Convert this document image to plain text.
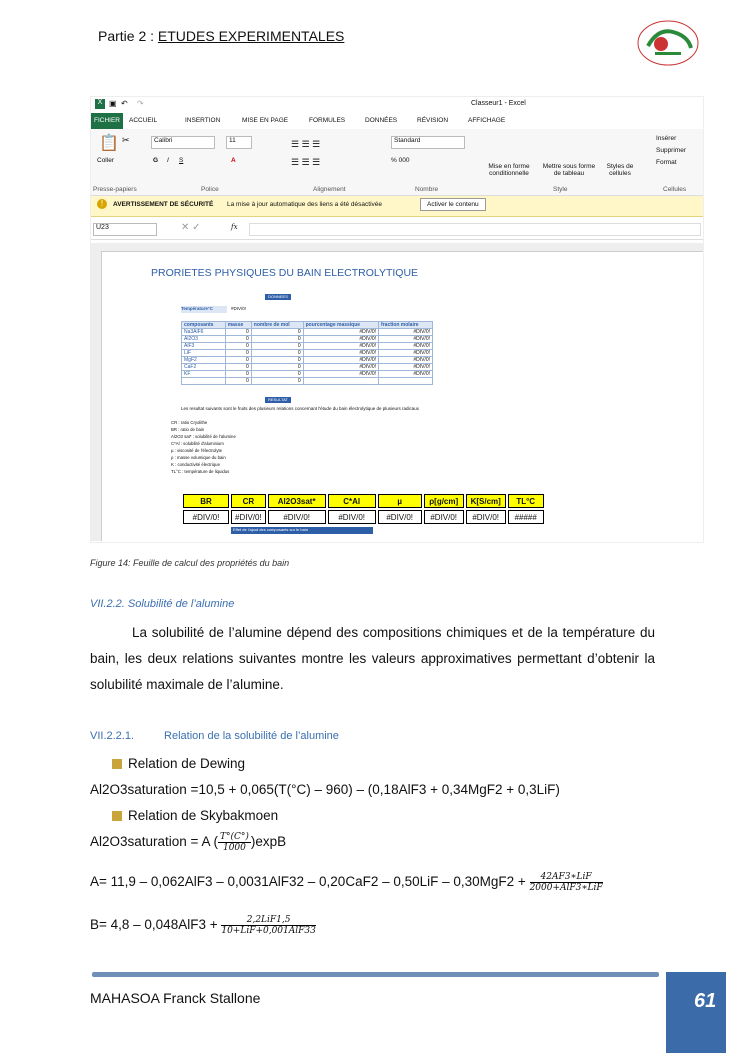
Partie 2 : ETUDES EXPERIMENTALES
X ▣ ↶ ↷	Classeur1 - Excel
FICHIER	ACCUEIL	INSERTION	MISE EN PAGE	FORMULES	DONNÉES	RÉVISION	AFFICHAGE
📋
Coller
✂	Calibri	11
G I S	A
☰ ☰ ☰
☰ ☰ ☰
Standard
% 000
Mise en forme conditionnelle
Mettre sous forme de tableau
Styles de cellules
Insérer
Supprimer
Format
Presse-papiers	Police	Alignement	Nombre	Style	Cellules
!	AVERTISSEMENT DE SÉCURITÉ La mise à jour automatique des liens a été désactivée	Activer le contenu
U23	✕ ✓	fx
PRORIETES PHYSIQUES DU BAIN ELECTROLYTIQUE
DONNEES
Température°C	#DIV/0!
composants	masse	nombre de mol	pourcentage massique	fraction molaire
Na3AlF6	0	0	#DIV/0!	#DIV/0!
Al2O3	0	0	#DIV/0!	#DIV/0!
AlF3	0	0	#DIV/0!	#DIV/0!
LiF	0	0	#DIV/0!	#DIV/0!
MgF2	0	0	#DIV/0!	#DIV/0!
CaF2	0	0	#DIV/0!	#DIV/0!
KF	0	0	#DIV/0!	#DIV/0!
	0	0		
RESULTAT
Les resultat suivants sont le fruits des plusieurs relations concernant l'étude du bain électrolytique de plusieurs radicaux
CR : ratio Cryolithe
BR : ratio de bain
Al2O3 sat* : solubilité de l'alumine
C*Al : solubilité d'aluminium
µ : viscosité de l'électrolyte
ρ : masse volumique du bain
K : conductivité électrique
TL°C : température de liquidus
BR	CR	Al2O3sat*	C*Al	µ	ρ[g/cm]	K[S/cm]	TL°C
#DIV/0!	#DIV/0!	#DIV/0!	#DIV/0!	#DIV/0!	#DIV/0!	#DIV/0!	#####
Effet de l'ajout des composants sur le bain
Figure 14: Feuille de calcul des propriétés du bain
VII.2.2. Solubilité de l’alumine
La solubilité de l’alumine dépend des compositions chimiques et de la température du bain, les deux relations suivantes montre les valeurs approximatives permettant d’obtenir la solubilité maximale de l’alumine.
VII.2.2.1.	Relation de la solubilité de l’alumine
Relation de Dewing
Al2O3saturation =10,5 + 0,065(T(°C) – 960) – (0,18AlF3 + 0,34MgF2 + 0,3LiF)
Relation de Skybakmoen
Al2O3saturation = A ( $\frac{T^\circ(C^\circ)}{1000} )\exp B$
$A= 11,9 - 0,062AlF3 - 0,0031AlF32 - 0,20CaF2 - 0,50LiF - 0,30MgF2 + \frac{\text{42AF3∗LiF}}{\text{2000+AlF3∗LiF}}$
$B= 4,8 - 0,048AlF3 + \frac{\text{2,2LiF1,5}}{\text{10+LiF+0,001AlF33}}$
MAHASOA Franck Stallone	61
